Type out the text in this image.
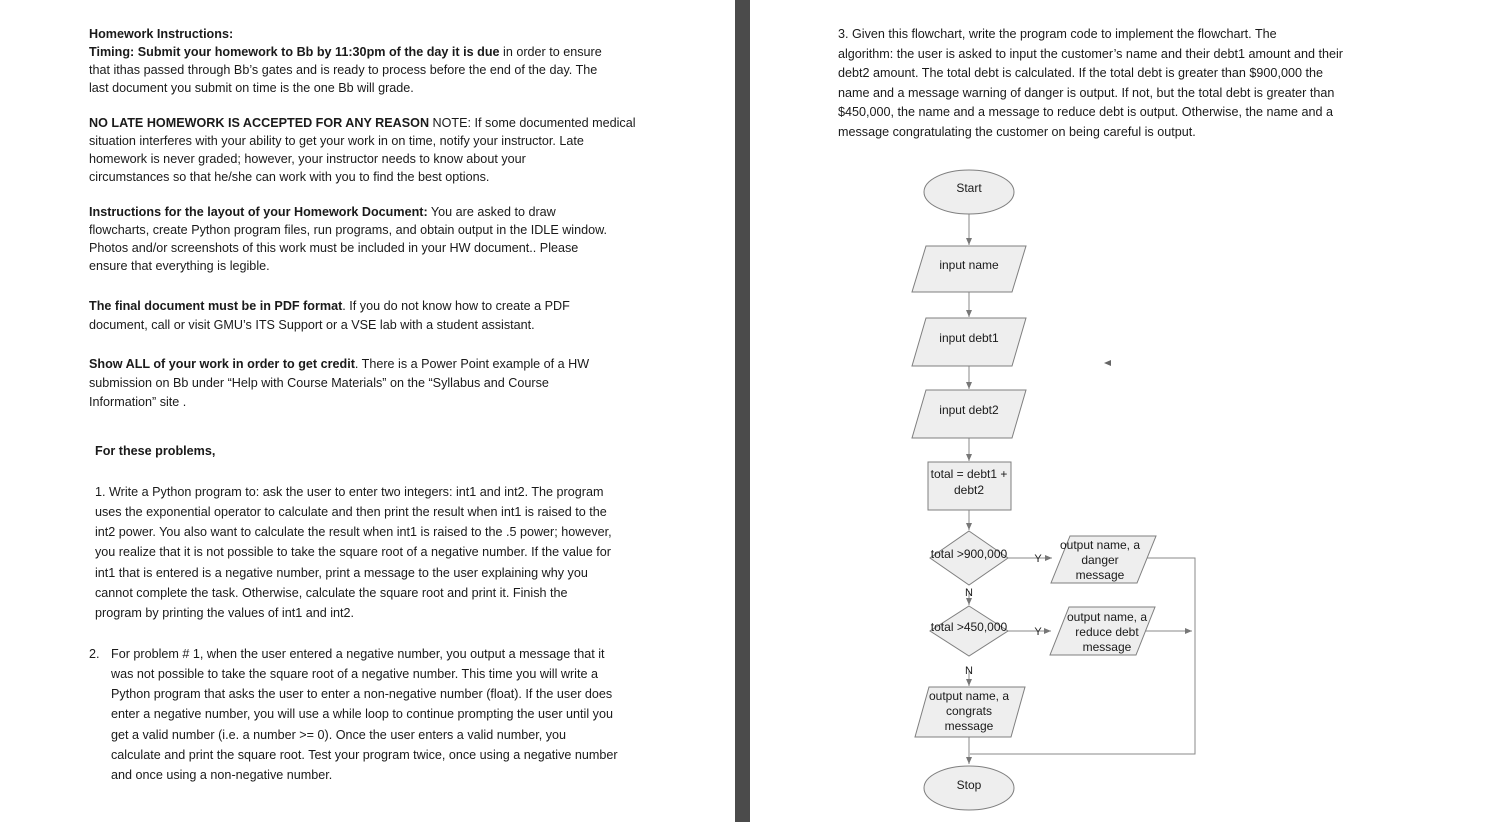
Homework Instructions:
Timing: Submit your homework to Bb by 11:30pm of the day it is due in order to ensure
that ithas passed through Bb’s gates and is ready to process before the end of the day. The
last document you submit on time is the one Bb will grade.
NO LATE HOMEWORK IS ACCEPTED FOR ANY REASON NOTE: If some documented medical
situation interferes with your ability to get your work in on time, notify your instructor. Late
homework is never graded; however, your instructor needs to know about your
circumstances so that he/she can work with you to find the best options.
Instructions for the layout of your Homework Document: You are asked to draw
flowcharts, create Python program files, run programs, and obtain output in the IDLE window.
Photos and/or screenshots of this work must be included in your HW document.. Please
ensure that everything is legible.
The final document must be in PDF format. If you do not know how to create a PDF
document, call or visit GMU’s ITS Support or a VSE lab with a student assistant.
Show ALL of your work in order to get credit. There is a Power Point example of a HW
submission on Bb under “Help with Course Materials” on the “Syllabus and Course
Information” site .
For these problems,
1. Write a Python program to: ask the user to enter two integers: int1 and int2. The program
uses the exponential operator to calculate and then print the result when int1 is raised to the
int2 power. You also want to calculate the result when int1 is raised to the .5 power; however,
you realize that it is not possible to take the square root of a negative number. If the value for
int1 that is entered is a negative number, print a message to the user explaining why you
cannot complete the task. Otherwise, calculate the square root and print it. Finish the
program by printing the values of int1 and int2.
2. For problem # 1, when the user entered a negative number, you output a message that it
was not possible to take the square root of a negative number. This time you will write a
Python program that asks the user to enter a non-negative number (float). If the user does
enter a negative number, you will use a while loop to continue prompting the user until you
get a valid number (i.e. a number >= 0). Once the user enters a valid number, you
calculate and print the square root. Test your program twice, once using a negative number
and once using a non-negative number.
3. Given this flowchart, write the program code to implement the flowchart. The
algorithm: the user is asked to input the customer’s name and their debt1 amount and their
debt2 amount. The total debt is calculated. If the total debt is greater than $900,000 the
name and a message warning of danger is output. If not, but the total debt is greater than
$450,000, the name and a message to reduce debt is output. Otherwise, the name and a
message congratulating the customer on being careful is output.
Start
input name
input debt1
input debt2
total = debt1 +
debt2
total >900,000
total >450,000
N
N
Y
Y
output name, a
danger
message
output name, a
reduce debt
message
output name, a
congrats
message
Stop
